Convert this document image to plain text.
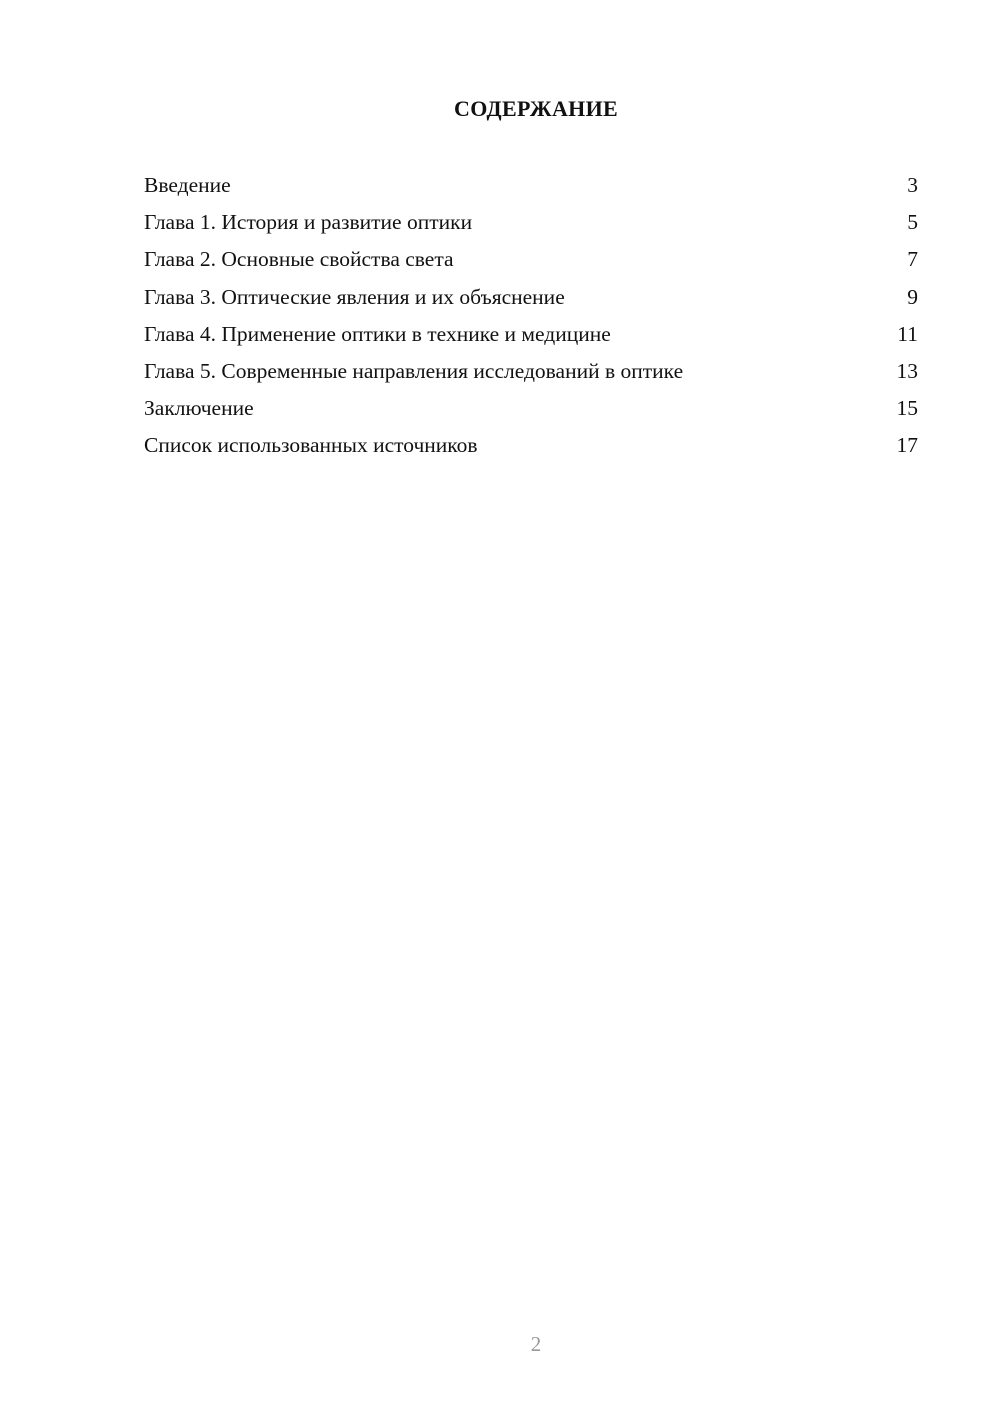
СОДЕРЖАНИЕ
Введение	3
Глава 1. История и развитие оптики	5
Глава 2. Основные свойства света	7
Глава 3. Оптические явления и их объяснение	9
Глава 4. Применение оптики в технике и медицине	11
Глава 5. Современные направления исследований в оптике	13
Заключение	15
Список использованных источников	17
2
